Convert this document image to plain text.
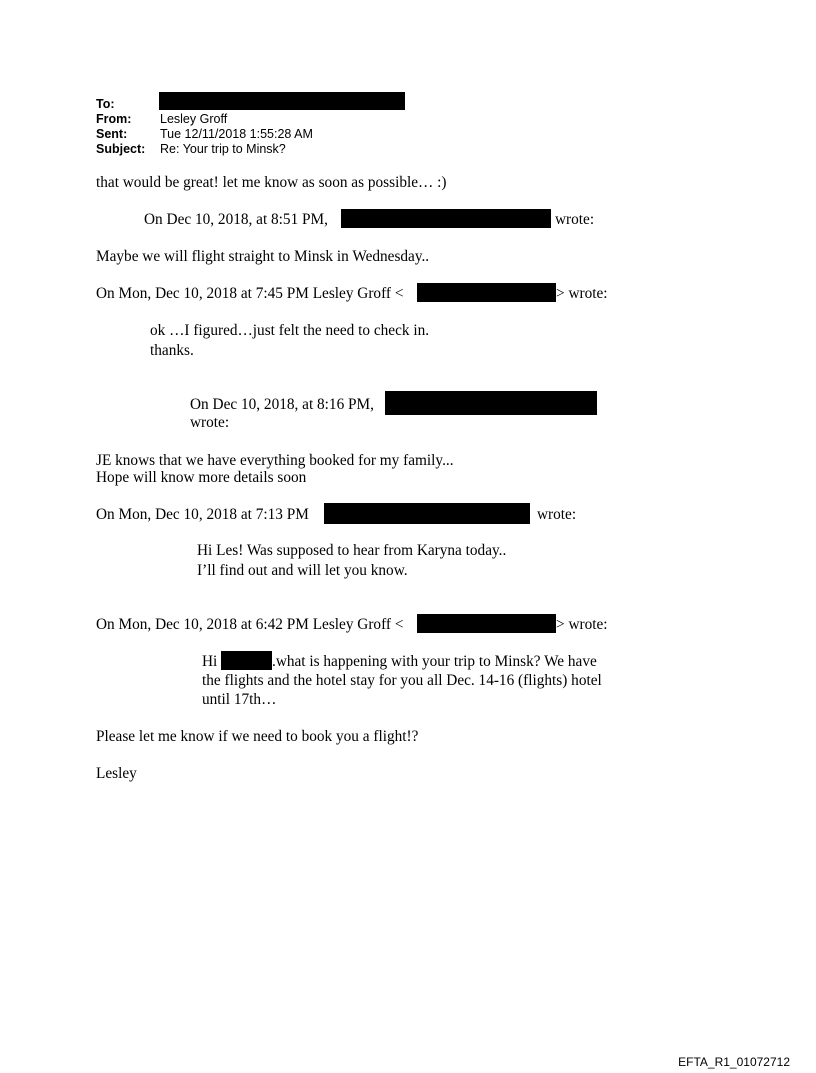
To:
From: Lesley Groff
Sent:	Tue 12/11/2018 1:55:28 AM
Subject: Re: Your trip to Minsk?
that would be great! let me know as soon as possible… :)
On Dec 10, 2018, at 8:51 PM,	wrote:
Maybe we will flight straight to Minsk in Wednesday..
On Mon, Dec 10, 2018 at 7:45 PM Lesley Groff <	> wrote:
ok …I figured…just felt the need to check in.
thanks.
On Dec 10, 2018, at 8:16 PM,
wrote:
JE knows that we have everything booked for my family...
Hope will know more details soon
On Mon, Dec 10, 2018 at 7:13 PM	wrote:
Hi Les! Was supposed to hear from Karyna today..
I’ll find out and will let you know.
On Mon, Dec 10, 2018 at 6:42 PM Lesley Groff <	> wrote:
Hi	.what is happening with your trip to Minsk? We have
the flights and the hotel stay for you all Dec. 14-16 (flights) hotel
until 17th…
Please let me know if we need to book you a flight!?
Lesley
EFTA_R1_01072712
